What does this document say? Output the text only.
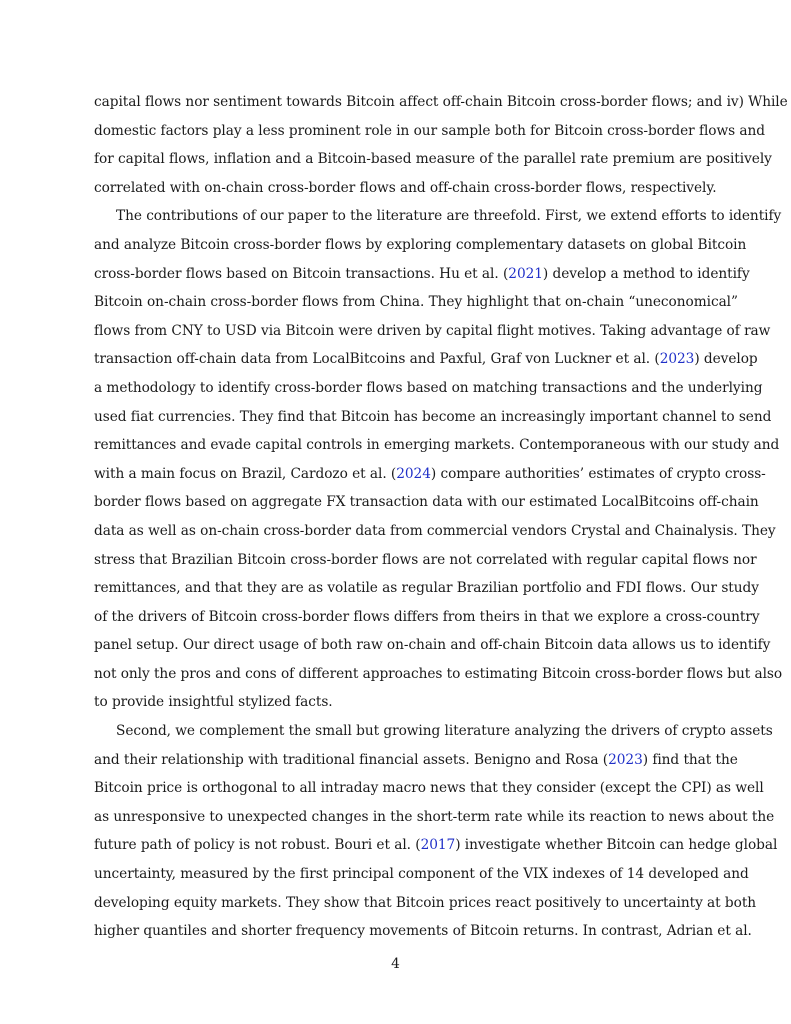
capital flows nor sentiment towards Bitcoin affect off-chain Bitcoin cross-border flows; and iv) While
domestic factors play a less prominent role in our sample both for Bitcoin cross-border flows and
for capital flows, inflation and a Bitcoin-based measure of the parallel rate premium are positively
correlated with on-chain cross-border flows and off-chain cross-border flows, respectively.
The contributions of our paper to the literature are threefold. First, we extend efforts to identify
and analyze Bitcoin cross-border flows by exploring complementary datasets on global Bitcoin
cross-border flows based on Bitcoin transactions. Hu et al. (2021) develop a method to identify
Bitcoin on-chain cross-border flows from China. They highlight that on-chain “uneconomical”
flows from CNY to USD via Bitcoin were driven by capital flight motives. Taking advantage of raw
transaction off-chain data from LocalBitcoins and Paxful, Graf von Luckner et al. (2023) develop
a methodology to identify cross-border flows based on matching transactions and the underlying
used fiat currencies. They find that Bitcoin has become an increasingly important channel to send
remittances and evade capital controls in emerging markets. Contemporaneous with our study and
with a main focus on Brazil, Cardozo et al. (2024) compare authorities’ estimates of crypto cross-
border flows based on aggregate FX transaction data with our estimated LocalBitcoins off-chain
data as well as on-chain cross-border data from commercial vendors Crystal and Chainalysis. They
stress that Brazilian Bitcoin cross-border flows are not correlated with regular capital flows nor
remittances, and that they are as volatile as regular Brazilian portfolio and FDI flows. Our study
of the drivers of Bitcoin cross-border flows differs from theirs in that we explore a cross-country
panel setup. Our direct usage of both raw on-chain and off-chain Bitcoin data allows us to identify
not only the pros and cons of different approaches to estimating Bitcoin cross-border flows but also
to provide insightful stylized facts.
Second, we complement the small but growing literature analyzing the drivers of crypto assets
and their relationship with traditional financial assets. Benigno and Rosa (2023) find that the
Bitcoin price is orthogonal to all intraday macro news that they consider (except the CPI) as well
as unresponsive to unexpected changes in the short-term rate while its reaction to news about the
future path of policy is not robust. Bouri et al. (2017) investigate whether Bitcoin can hedge global
uncertainty, measured by the first principal component of the VIX indexes of 14 developed and
developing equity markets. They show that Bitcoin prices react positively to uncertainty at both
higher quantiles and shorter frequency movements of Bitcoin returns. In contrast, Adrian et al.
4
